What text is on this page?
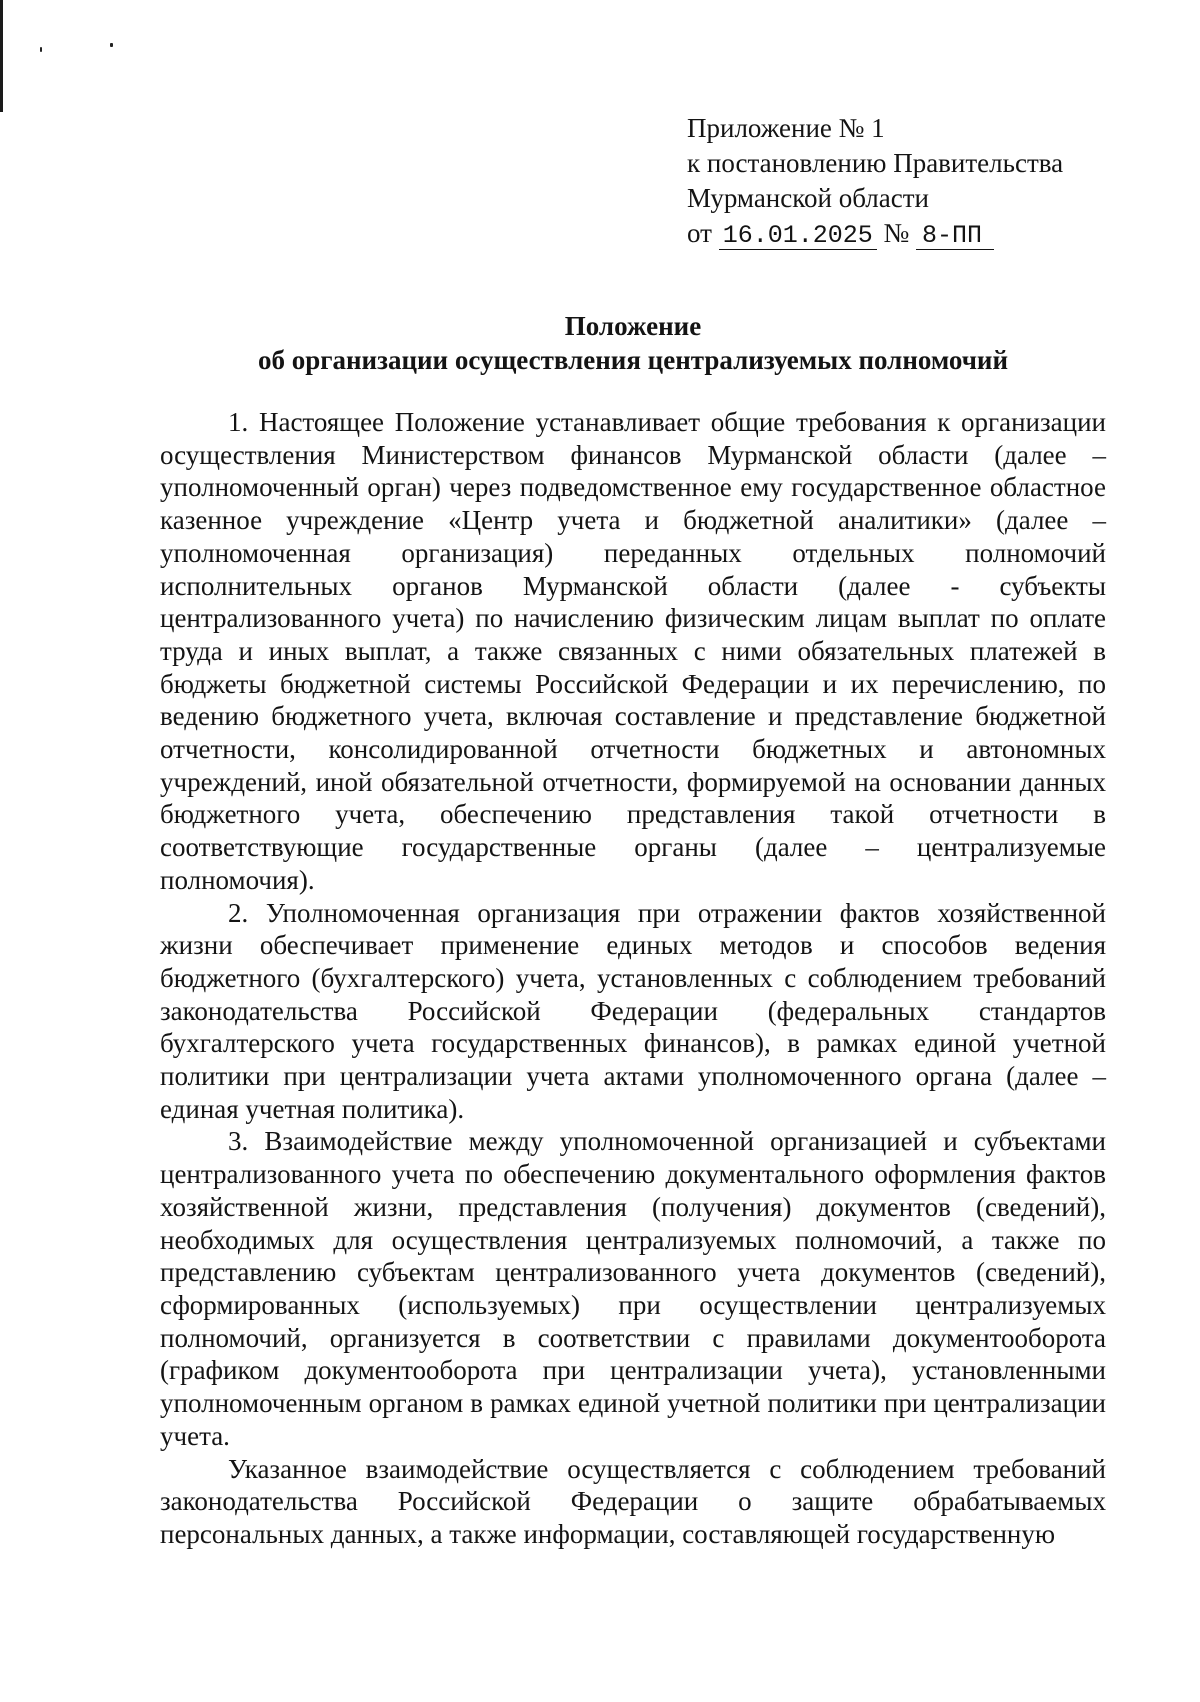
Приложение № 1
к постановлению Правительства
Мурманской области
от 16.01.2025 № 8-ПП
Положение
об организации осуществления централизуемых полномочий

1. Настоящее Положение устанавливает общие требования к организации осуществления Министерством финансов Мурманской области (далее – уполномоченный орган) через подведомственное ему государственное областное казенное учреждение «Центр учета и бюджетной аналитики» (далее – уполномоченная организация) переданных отдельных полномочий исполнительных органов Мурманской области (далее - субъекты централизованного учета) по начислению физическим лицам выплат по оплате труда и иных выплат, а также связанных с ними обязательных платежей в бюджеты бюджетной системы Российской Федерации и их перечислению, по ведению бюджетного учета, включая составление и представление бюджетной отчетности, консолидированной отчетности бюджетных и автономных учреждений, иной обязательной отчетности, формируемой на основании данных бюджетного учета, обеспечению представления такой отчетности в соответствующие государственные органы (далее – централизуемые полномочия).

2. Уполномоченная организация при отражении фактов хозяйственной жизни обеспечивает применение единых методов и способов ведения бюджетного (бухгалтерского) учета, установленных с соблюдением требований законодательства Российской Федерации (федеральных стандартов бухгалтерского учета государственных финансов), в рамках единой учетной политики при централизации учета актами уполномоченного органа (далее – единая учетная политика).

3. Взаимодействие между уполномоченной организацией и субъектами централизованного учета по обеспечению документального оформления фактов хозяйственной жизни, представления (получения) документов (сведений), необходимых для осуществления централизуемых полномочий, а также по представлению субъектам централизованного учета документов (сведений), сформированных (используемых) при осуществлении централизуемых полномочий, организуется в соответствии с правилами документооборота (графиком документооборота при централизации учета), установленными уполномоченным органом в рамках единой учетной политики при централизации учета.

Указанное взаимодействие осуществляется с соблюдением требований законодательства Российской Федерации о защите обрабатываемых персональных данных, а также информации, составляющей государственную
